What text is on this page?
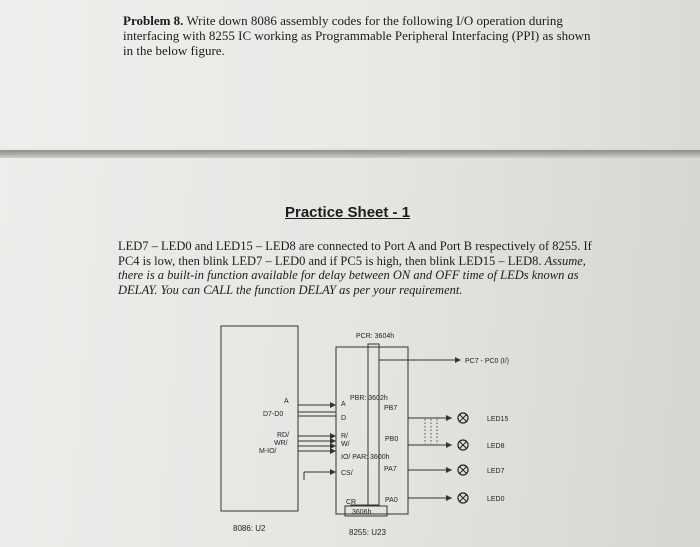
Problem 8. Write down 8086 assembly codes for the following I/O operation during interfacing with 8255 IC working as Programmable Peripheral Interfacing (PPI) as shown in the below figure.
Practice Sheet - 1
LED7 – LED0 and LED15 – LED8 are connected to Port A and Port B respectively of 8255. If PC4 is low, then blink LED7 – LED0 and if PC5 is high, then blink LED15 – LED8. Assume, there is a built-in function available for delay between ON and OFF time of LEDs known as DELAY. You can CALL the function DELAY as per your requirement.
PCR: 3604h
PC7 - PC0 (I/)
A	A
D7-D0
D
RD/
WR/
M-IO/
R/
W/
CS/
PBR: 3602h
PB7
PB0
IO/ PAR: 3600h
PA7
PA0
LED15
LED8
LED7
LED0
CR
3606h
8086: U2	8255: U23
